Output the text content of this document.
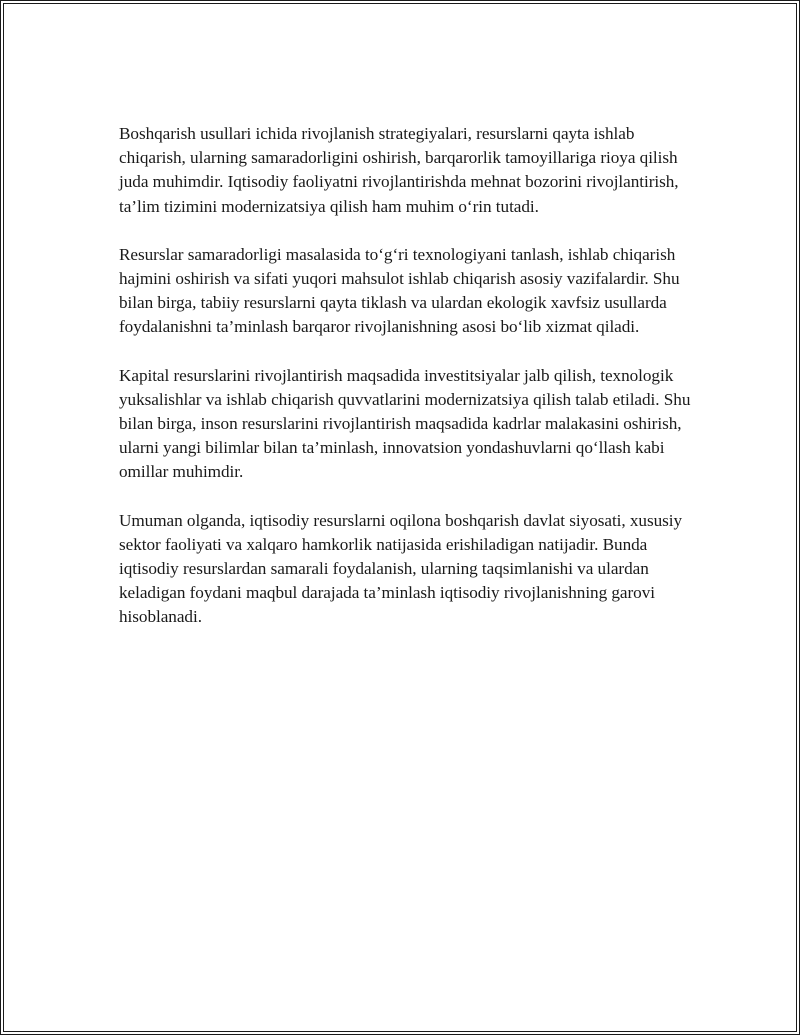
Boshqarish usullari ichida rivojlanish strategiyalari, resurslarni qayta ishlab chiqarish, ularning samaradorligini oshirish, barqarorlik tamoyillariga rioya qilish juda muhimdir. Iqtisodiy faoliyatni rivojlantirishda mehnat bozorini rivojlantirish, ta’lim tizimini modernizatsiya qilish ham muhim o‘rin tutadi.

Resurslar samaradorligi masalasida to‘g‘ri texnologiyani tanlash, ishlab chiqarish hajmini oshirish va sifati yuqori mahsulot ishlab chiqarish asosiy vazifalardir. Shu bilan birga, tabiiy resurslarni qayta tiklash va ulardan ekologik xavfsiz usullarda foydalanishni ta’minlash barqaror rivojlanishning asosi bo‘lib xizmat qiladi.

Kapital resurslarini rivojlantirish maqsadida investitsiyalar jalb qilish, texnologik yuksalishlar va ishlab chiqarish quvvatlarini modernizatsiya qilish talab etiladi. Shu bilan birga, inson resurslarini rivojlantirish maqsadida kadrlar malakasini oshirish, ularni yangi bilimlar bilan ta’minlash, innovatsion yondashuvlarni qo‘llash kabi omillar muhimdir.

Umuman olganda, iqtisodiy resurslarni oqilona boshqarish davlat siyosati, xususiy sektor faoliyati va xalqaro hamkorlik natijasida erishiladigan natijadir. Bunda iqtisodiy resurslardan samarali foydalanish, ularning taqsimlanishi va ulardan keladigan foydani maqbul darajada ta’minlash iqtisodiy rivojlanishning garovi hisoblanadi.
